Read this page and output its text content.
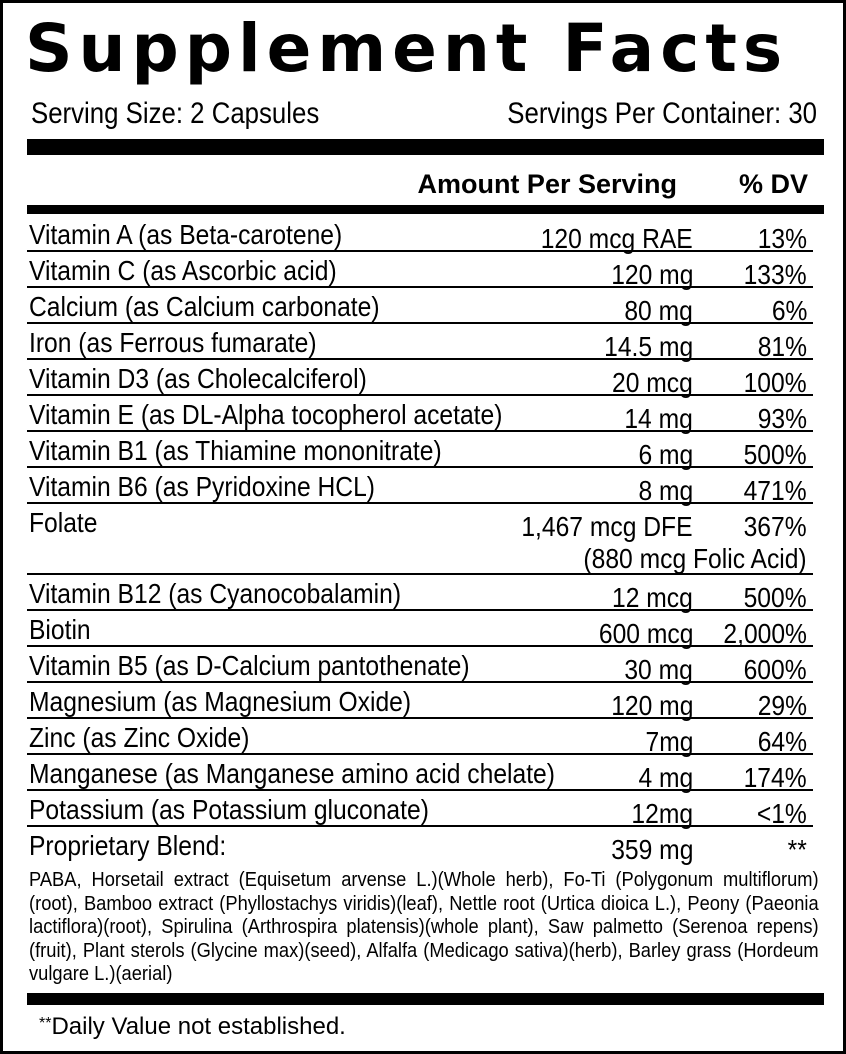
Supplement Facts
Serving Size: 2 Capsules	Servings Per Container: 30
Amount Per Serving % DV
Vitamin A (as Beta-carotene)	120 mcg RAE 13%
Vitamin C (as Ascorbic acid)	120 mg 133%
Calcium (as Calcium carbonate)	80 mg	6%
Iron (as Ferrous fumarate)	14.5 mg 81%
Vitamin D3 (as Cholecalciferol)	20 mcg 100%
Vitamin E (as DL-Alpha tocopherol acetate)	14 mg 93%
Vitamin B1 (as Thiamine mononitrate)	6 mg 500%
Vitamin B6 (as Pyridoxine HCL)	8 mg 471%
Folate	1,467 mcg DFE 367%
(880 mcg Folic Acid)
Vitamin B12 (as Cyanocobalamin)	12 mcg 500%
Biotin	600 mcg 2,000%
Vitamin B5 (as D-Calcium pantothenate)	30 mg 600%
Magnesium (as Magnesium Oxide)	120 mg 29%
Zinc (as Zinc Oxide)	7mg 64%
Manganese (as Manganese amino acid chelate)	4 mg 174%
Potassium (as Potassium gluconate)	12mg <1%
Proprietary Blend:	359 mg	**
PABA, Horsetail extract (Equisetum arvense L.)(Whole herb), Fo-Ti (Polygonum multiflorum)(root), Bamboo extract (Phyllostachys viridis)(leaf), Nettle root (Urtica dioica L.), Peony (Paeonia lactiflora)(root), Spirulina (Arthrospira platensis)(whole plant), Saw palmetto (Serenoa repens)(fruit), Plant sterols (Glycine max)(seed), Alfalfa (Medicago sativa)(herb), Barley grass (Hordeum vulgare L.)(aerial)
**Daily Value not established.
